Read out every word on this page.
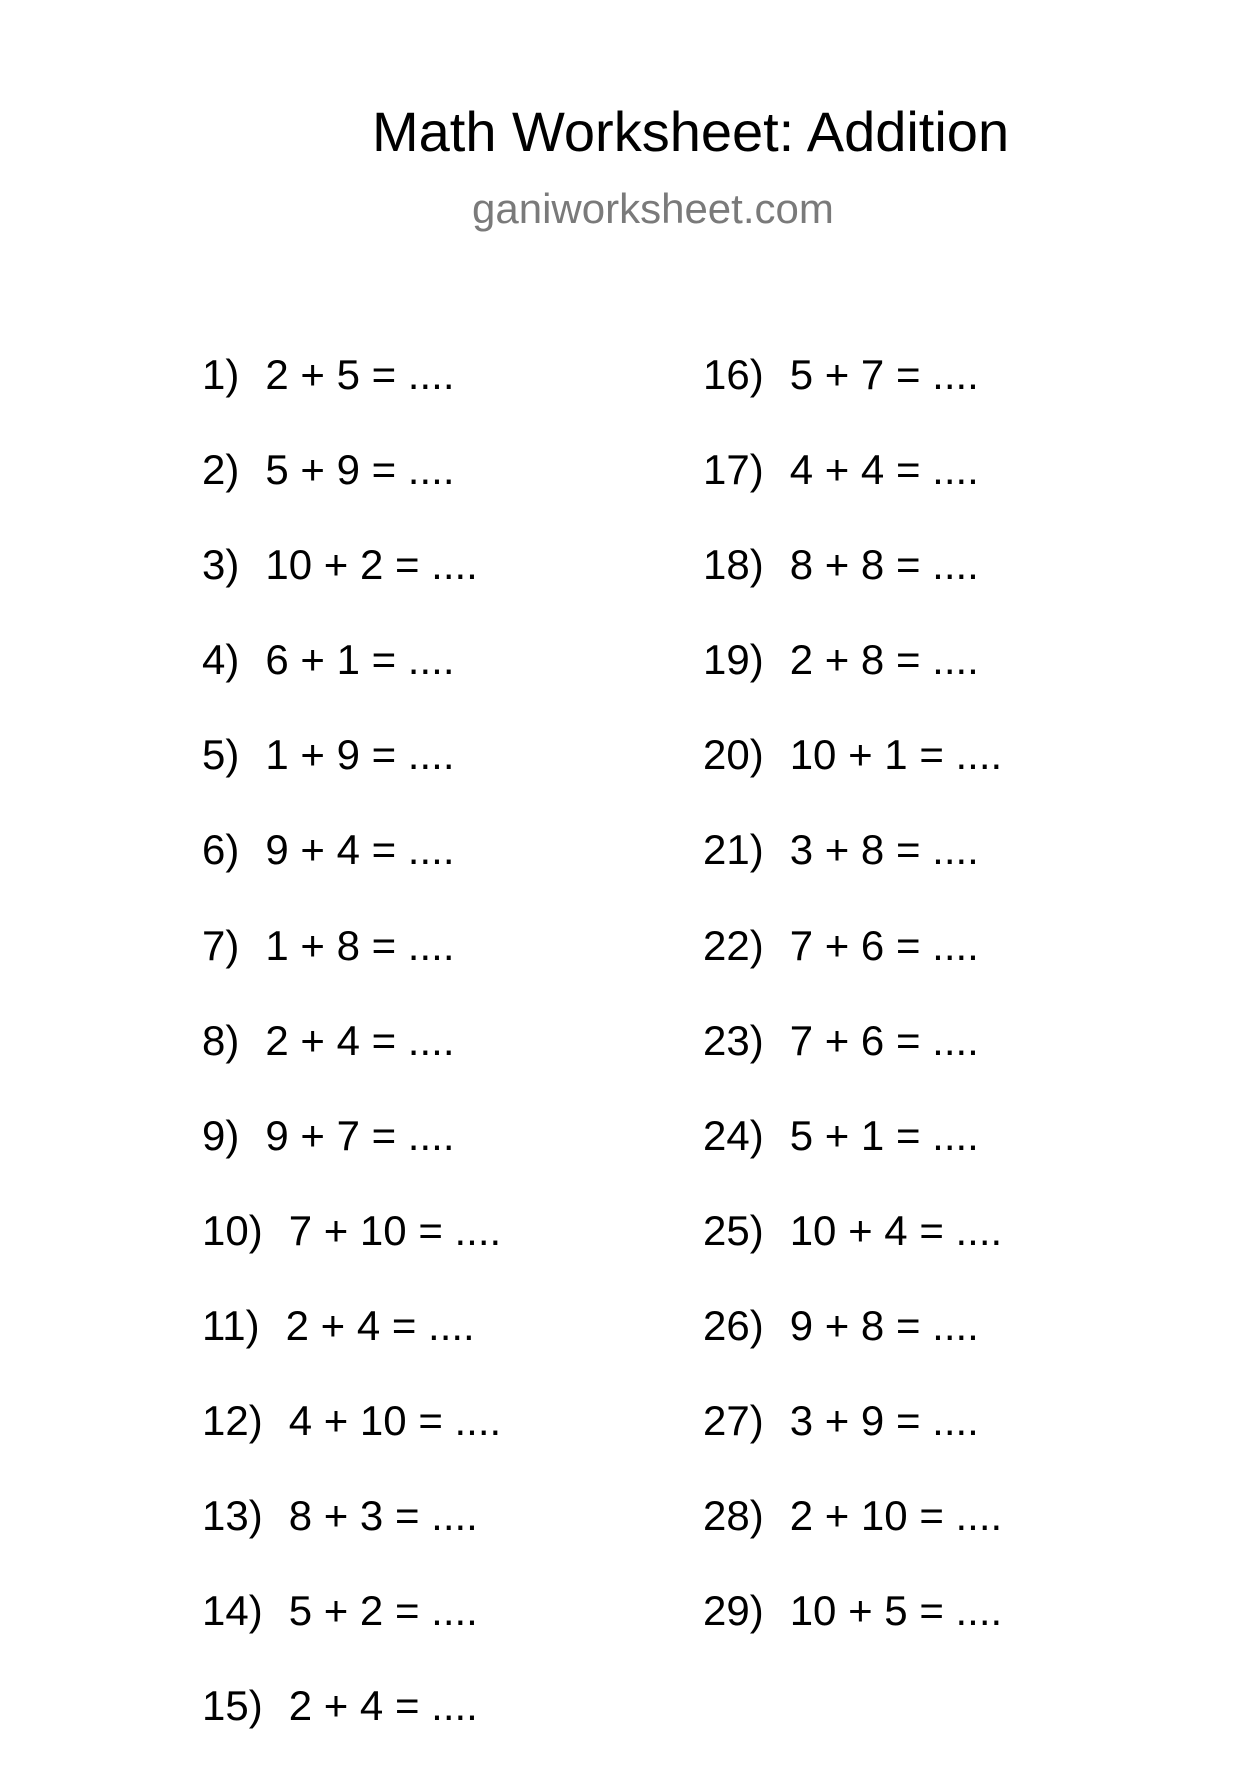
Math Worksheet: Addition
ganiworksheet.com
1) 2 + 5 = ....
2) 5 + 9 = ....
3) 10 + 2 = ....
4) 6 + 1 = ....
5) 1 + 9 = ....
6) 9 + 4 = ....
7) 1 + 8 = ....
8) 2 + 4 = ....
9) 9 + 7 = ....
10) 7 + 10 = ....
11) 2 + 4 = ....
12) 4 + 10 = ....
13) 8 + 3 = ....
14) 5 + 2 = ....
15) 2 + 4 = ....
16) 5 + 7 = ....
17) 4 + 4 = ....
18) 8 + 8 = ....
19) 2 + 8 = ....
20) 10 + 1 = ....
21) 3 + 8 = ....
22) 7 + 6 = ....
23) 7 + 6 = ....
24) 5 + 1 = ....
25) 10 + 4 = ....
26) 9 + 8 = ....
27) 3 + 9 = ....
28) 2 + 10 = ....
29) 10 + 5 = ....
